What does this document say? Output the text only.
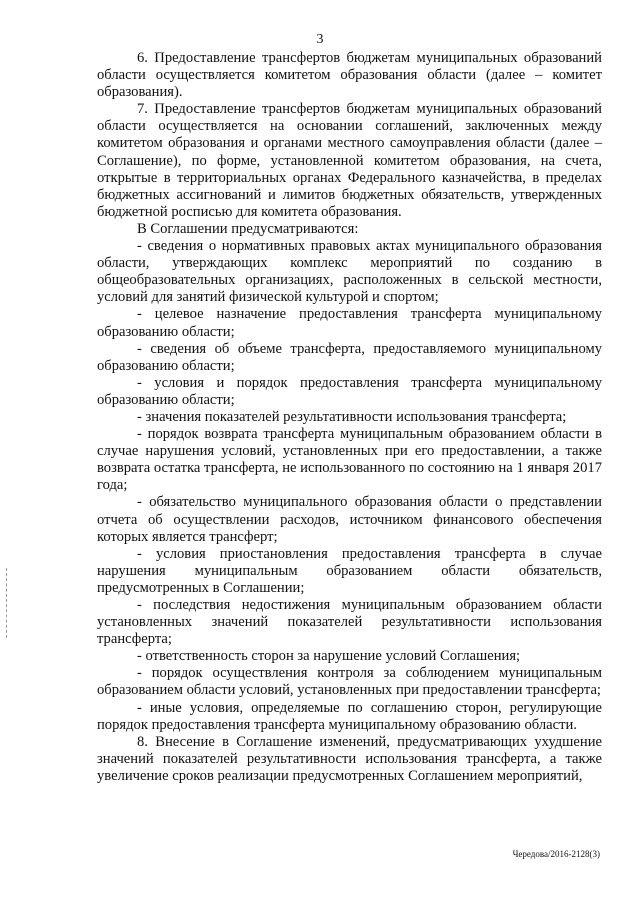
3

6. Предоставление трансфертов бюджетам муниципальных образований области осуществляется комитетом образования области (далее – комитет образования).

7. Предоставление трансфертов бюджетам муниципальных образований области осуществляется на основании соглашений, заключенных между комитетом образования и органами местного самоуправления области (далее – Соглашение), по форме, установленной комитетом образования, на счета, открытые в территориальных органах Федерального казначейства, в пределах бюджетных ассигнований и лимитов бюджетных обязательств, утвержденных бюджетной росписью для комитета образования.

В Соглашении предусматриваются:

- сведения о нормативных правовых актах муниципального образования области, утверждающих комплекс мероприятий по созданию в общеобразовательных организациях, расположенных в сельской местности, условий для занятий физической культурой и спортом;

- целевое назначение предоставления трансферта муниципальному образованию области;

- сведения об объеме трансферта, предоставляемого муниципальному образованию области;

- условия и порядок предоставления трансферта муниципальному образованию области;

- значения показателей результативности использования трансферта;

- порядок возврата трансферта муниципальным образованием области в случае нарушения условий, установленных при его предоставлении, а также возврата остатка трансферта, не использованного по состоянию на 1 января 2017 года;

- обязательство муниципального образования области о представлении отчета об осуществлении расходов, источником финансового обеспечения которых является трансферт;

- условия приостановления предоставления трансферта в случае нарушения муниципальным образованием области обязательств, предусмотренных в Соглашении;

- последствия недостижения муниципальным образованием области установленных значений показателей результативности использования трансферта;

- ответственность сторон за нарушение условий Соглашения;

- порядок осуществления контроля за соблюдением муниципальным образованием области условий, установленных при предоставлении трансферта;

- иные условия, определяемые по соглашению сторон, регулирующие порядок предоставления трансферта муниципальному образованию области.

8. Внесение в Соглашение изменений, предусматривающих ухудшение значений показателей результативности использования трансферта, а также увеличение сроков реализации предусмотренных Соглашением мероприятий,

Чередова/2016-2128(3)
